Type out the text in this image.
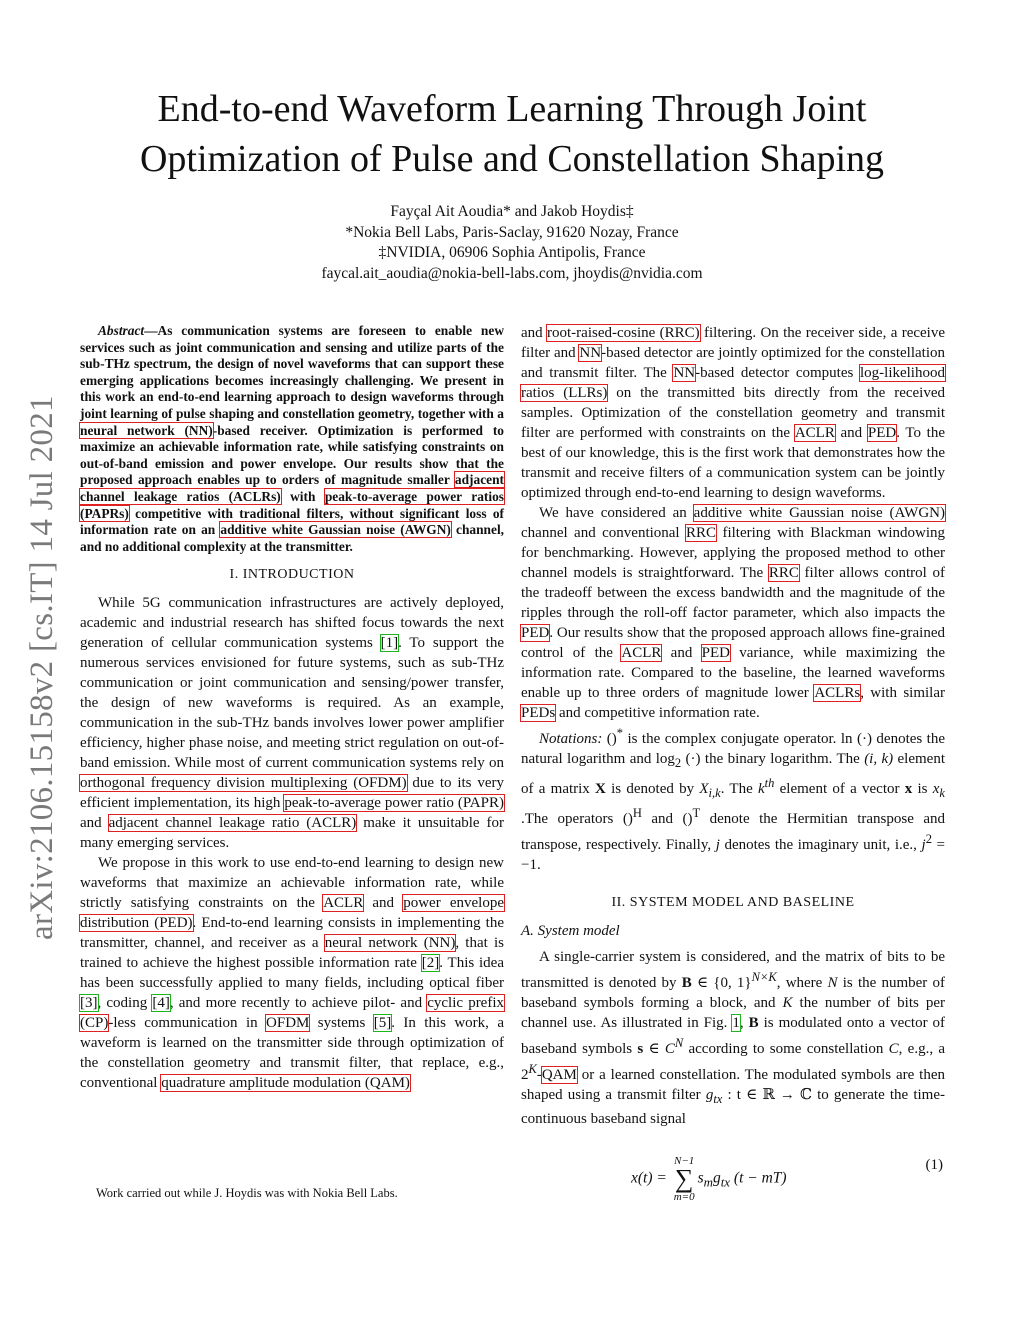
arXiv:2106.15158v2 [cs.IT] 14 Jul 2021
End-to-end Waveform Learning Through Joint
Optimization of Pulse and Constellation Shaping
Fayçal Ait Aoudia* and Jakob Hoydis‡
*Nokia Bell Labs, Paris-Saclay, 91620 Nozay, France
‡NVIDIA, 06906 Sophia Antipolis, France
faycal.ait_aoudia@nokia-bell-labs.com, jhoydis@nvidia.com

Abstract—As communication systems are foreseen to enable new services such as joint communication and sensing and utilize parts of the sub-THz spectrum, the design of novel waveforms that can support these emerging applications becomes increasingly challenging. We present in this work an end-to-end learning approach to design waveforms through joint learning of pulse shaping and constellation geometry, together with a neural network (NN)-based receiver. Optimization is performed to maximize an achievable information rate, while satisfying constraints on out-of-band emission and power envelope. Our results show that the proposed approach enables up to orders of magnitude smaller adjacent channel leakage ratios (ACLRs) with peak-to-average power ratios (PAPRs) competitive with traditional filters, without significant loss of information rate on an additive white Gaussian noise (AWGN) channel, and no additional complexity at the transmitter.

I. INTRODUCTION

While 5G communication infrastructures are actively deployed, academic and industrial research has shifted focus towards the next generation of cellular communication systems [1]. To support the numerous services envisioned for future systems, such as sub-THz communication or joint communication and sensing/power transfer, the design of new waveforms is required. As an example, communication in the sub-THz bands involves lower power amplifier efficiency, higher phase noise, and meeting strict regulation on out-of-band emission. While most of current communication systems rely on orthogonal frequency division multiplexing (OFDM) due to its very efficient implementation, its high peak-to-average power ratio (PAPR) and adjacent channel leakage ratio (ACLR) make it unsuitable for many emerging services.

We propose in this work to use end-to-end learning to design new waveforms that maximize an achievable information rate, while strictly satisfying constraints on the ACLR and power envelope distribution (PED). End-to-end learning consists in implementing the transmitter, channel, and receiver as a neural network (NN), that is trained to achieve the highest possible information rate [2]. This idea has been successfully applied to many fields, including optical fiber [3], coding [4], and more recently to achieve pilot- and cyclic prefix (CP)-less communication in OFDM systems [5]. In this work, a waveform is learned on the transmitter side through optimization of the constellation geometry and transmit filter, that replace, e.g., conventional quadrature amplitude modulation (QAM)

Work carried out while J. Hoydis was with Nokia Bell Labs.

and root-raised-cosine (RRC) filtering. On the receiver side, a receive filter and NN-based detector are jointly optimized for the constellation and transmit filter. The NN-based detector computes log-likelihood ratios (LLRs) on the transmitted bits directly from the received samples. Optimization of the constellation geometry and transmit filter are performed with constraints on the ACLR and PED. To the best of our knowledge, this is the first work that demonstrates how the transmit and receive filters of a communication system can be jointly optimized through end-to-end learning to design waveforms.

We have considered an additive white Gaussian noise (AWGN) channel and conventional RRC filtering with Blackman windowing for benchmarking. However, applying the proposed method to other channel models is straightforward. The RRC filter allows control of the tradeoff between the excess bandwidth and the magnitude of the ripples through the roll-off factor parameter, which also impacts the PED. Our results show that the proposed approach allows fine-grained control of the ACLR and PED variance, while maximizing the information rate. Compared to the baseline, the learned waveforms enable up to three orders of magnitude lower ACLRs, with similar PEDs and competitive information rate.

Notations: ()* is the complex conjugate operator. ln (·) denotes the natural logarithm and $\log_2$ (·) the binary logarithm. The (i, k) element of a matrix X is denoted by $X_{i,k}$. The $k^{th}$ element of a vector x is $x_k$ .The operators ()$^H$ and ()$^T$ denote the Hermitian transpose and transpose, respectively. Finally, j denotes the imaginary unit, i.e., $j^2 = -1$.

II. SYSTEM MODEL AND BASELINE
A. System model

A single-carrier system is considered, and the matrix of bits to be transmitted is denoted by B ∈ {0, 1}$^{N\times K}$, where N is the number of baseband symbols forming a block, and K the number of bits per channel use. As illustrated in Fig. 1, B is modulated onto a vector of baseband symbols s ∈ $C^N$ according to some constellation C, e.g., a $2^K$-QAM or a learned constellation. The modulated symbols are then shaped using a transmit filter $g_{tx}$ : t ∈ ℝ → ℂ to generate the time-continuous baseband signal

x(t) =
N−1
∑
m=0
$s_mg_{tx}$ (t − mT)
(1)
